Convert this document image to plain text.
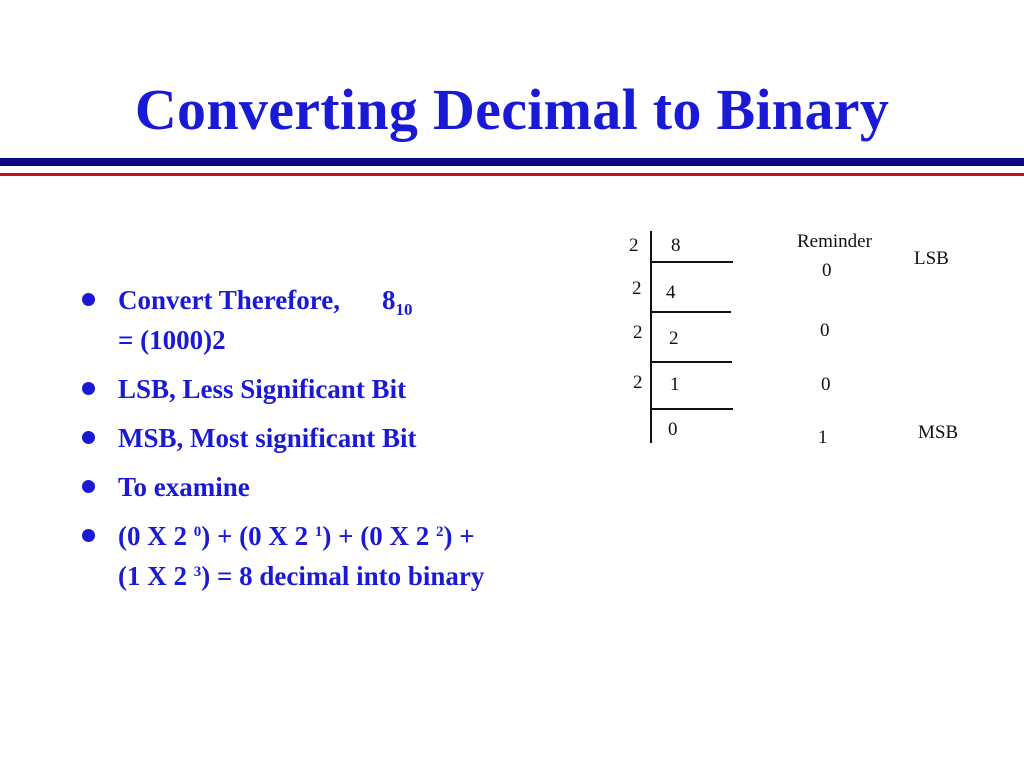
Converting Decimal to Binary
Convert Therefore, $8_{10}$
= (1000)2
LSB, Less Significant Bit
MSB, Most significant Bit
To examine
(0 X 2 $^0$) + (0 X 2 $^1$) + (0 X 2 $^2$) + (1 X 2 $^3$) = 8 decimal into binary
2
2
2
2
8
4
2
1
0
Reminder
0
0
0
1
LSB
MSB
